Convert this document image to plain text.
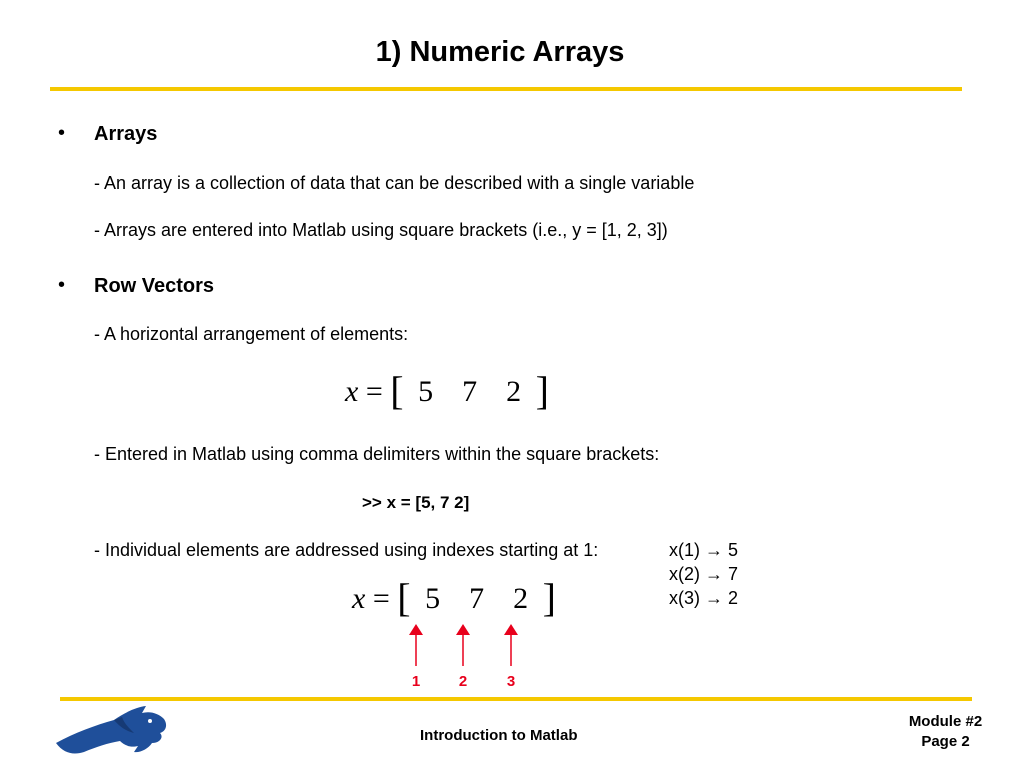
1) Numeric Arrays
• Arrays
- An array is a collection of data that can be described with a single variable
- Arrays are entered into Matlab using square brackets (i.e., y = [1, 2, 3])
• Row Vectors
- A horizontal arrangement of elements:
x = [ 5 7 2 ]
- Entered in Matlab using comma delimiters within the square brackets:
>> x = [5, 7 2]
- Individual elements are addressed using indexes starting at 1:	x(1) → 5
x(2) → 7
x(3) → 2
x = [ 5 7 2 ]
1	2	3
Introduction to Matlab
Module #2
Page 2
